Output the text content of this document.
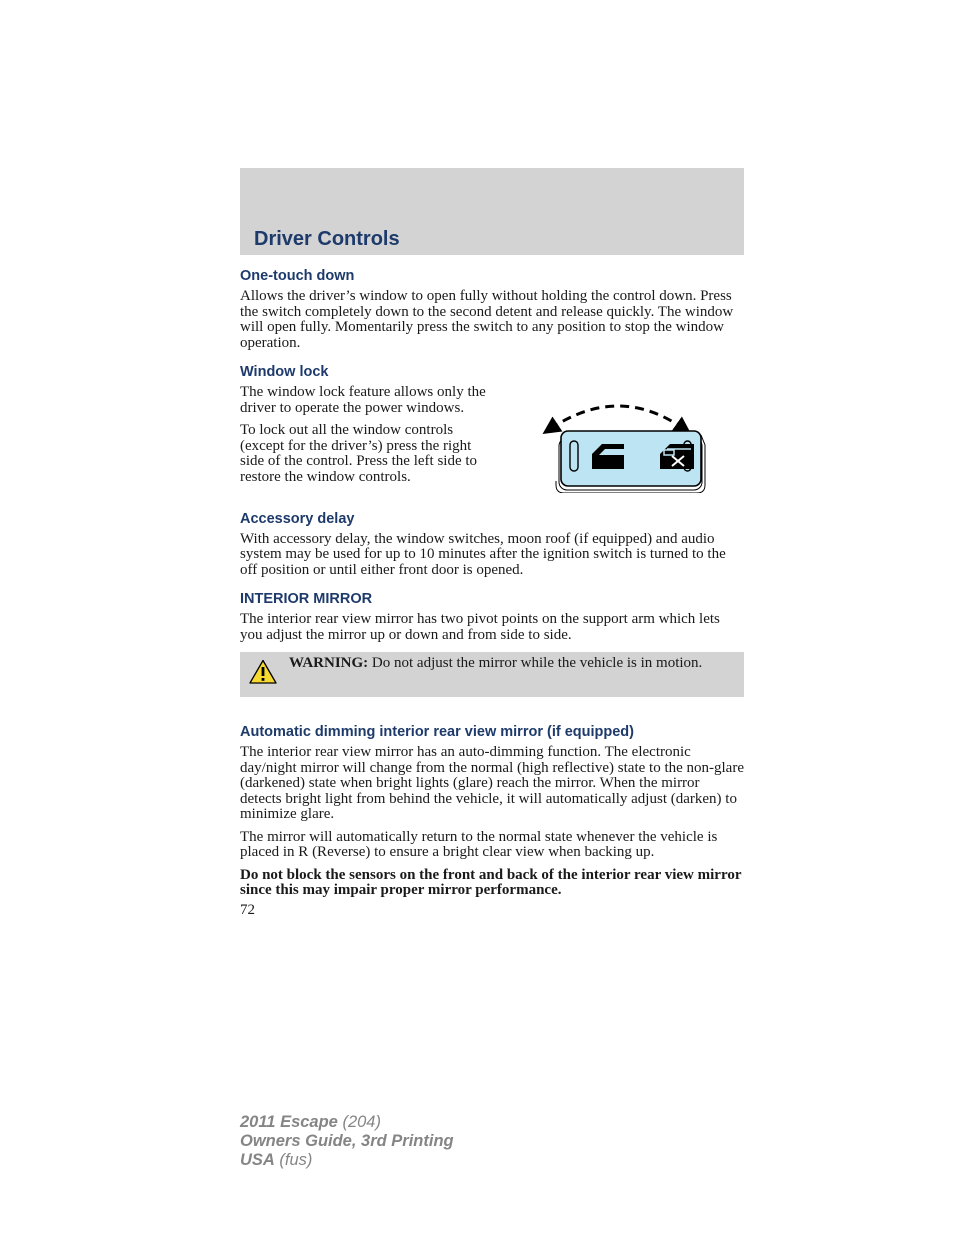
Driver Controls
One-touch down

Allows the driver’s window to open fully without holding the control down. Press the switch completely down to the second detent and release quickly. The window will open fully. Momentarily press the switch to any position to stop the window operation.

Window lock

The window lock feature allows only the driver to operate the power windows.

To lock out all the window controls (except for the driver’s) press the right side of the control. Press the left side to restore the window controls.

Accessory delay

With accessory delay, the window switches, moon roof (if equipped) and audio system may be used for up to 10 minutes after the ignition switch is turned to the off position or until either front door is opened.

INTERIOR MIRROR

The interior rear view mirror has two pivot points on the support arm which lets you adjust the mirror up or down and from side to side.

WARNING: Do not adjust the mirror while the vehicle is in motion.
Automatic dimming interior rear view mirror (if equipped)

The interior rear view mirror has an auto-dimming function. The electronic day/night mirror will change from the normal (high reflective) state to the non-glare (darkened) state when bright lights (glare) reach the mirror. When the mirror detects bright light from behind the vehicle, it will automatically adjust (darken) to minimize glare.

The mirror will automatically return to the normal state whenever the vehicle is placed in R (Reverse) to ensure a bright clear view when backing up.

Do not block the sensors on the front and back of the interior rear view mirror since this may impair proper mirror performance.

72
2011 Escape (204)
Owners Guide, 3rd Printing
USA (fus)
